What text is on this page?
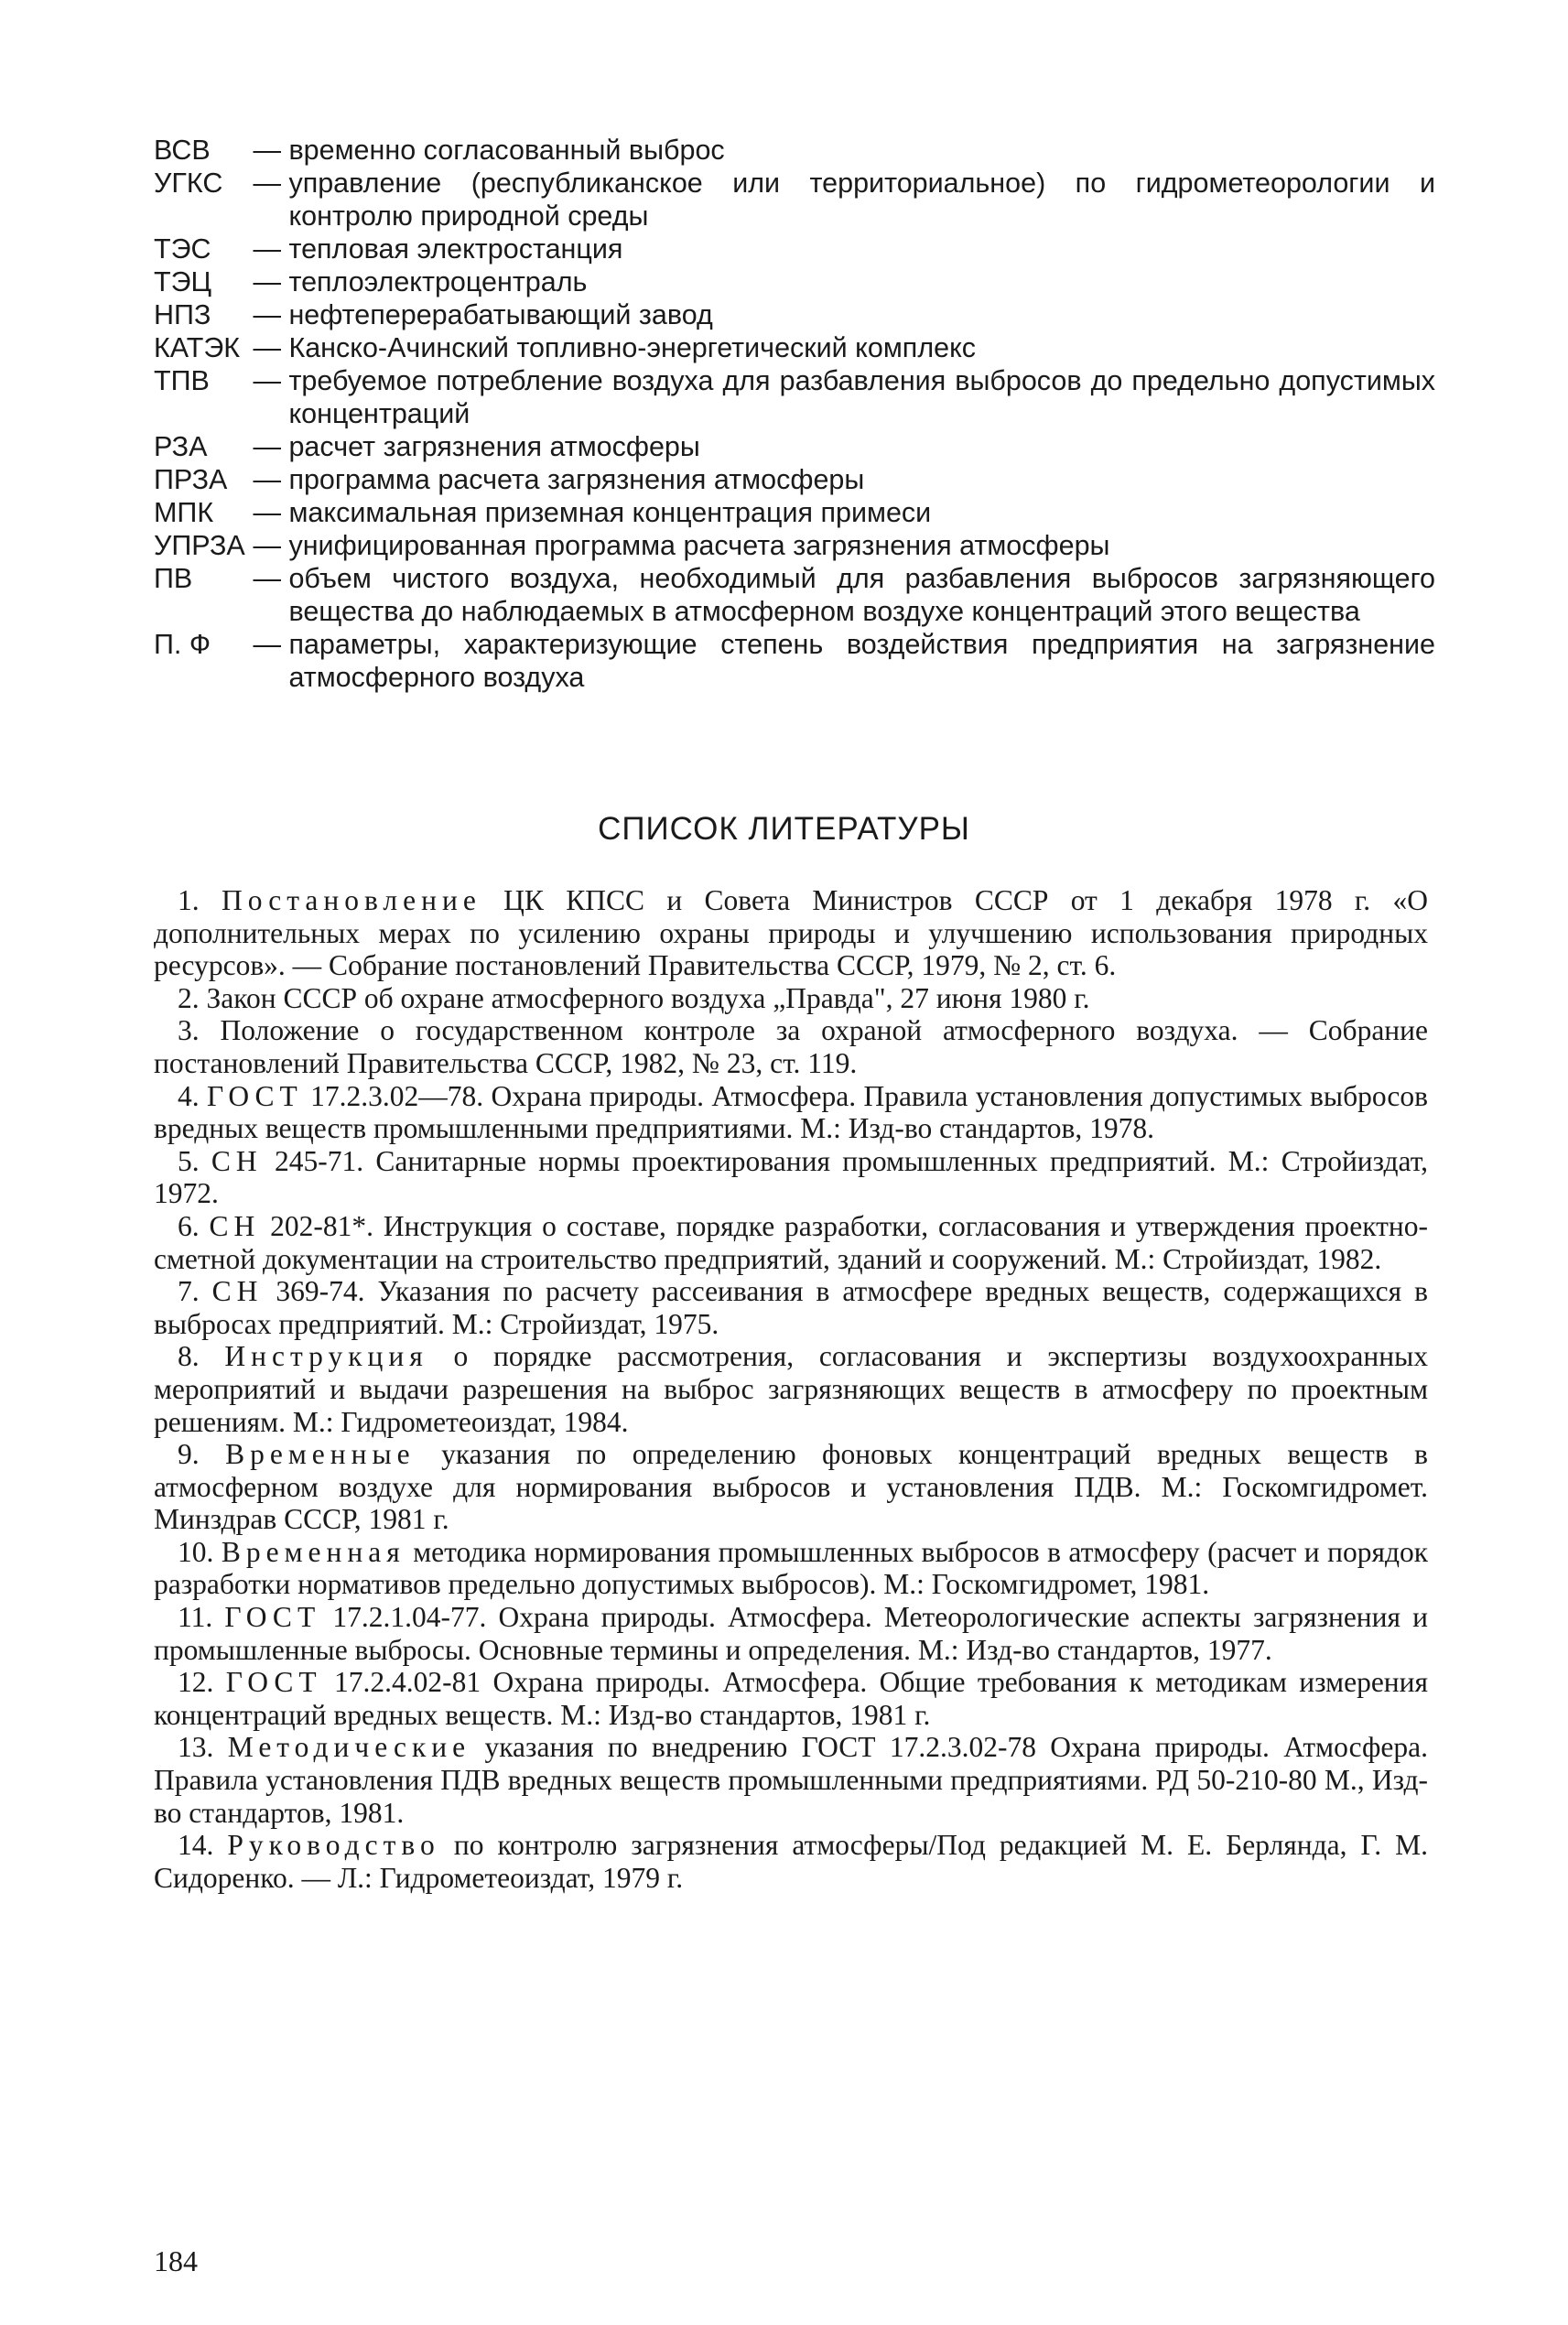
ВСВ	— временно согласованный выброс
УГКС — управление (республиканское или территориальное) по гидрометеорологии и контролю природной среды
ТЭС	— тепловая электростанция
ТЭЦ	— теплоэлектроцентраль
НПЗ	— нефтеперерабатывающий завод
КАТЭК — Канско-Ачинский топливно-энергетический комплекс
ТПВ	— требуемое потребление воздуха для разбавления выбросов до предельно допустимых концентраций
РЗА	— расчет загрязнения атмосферы
ПРЗА — программа расчета загрязнения атмосферы
МПК	— максимальная приземная концентрация примеси
УПРЗА — унифицированная программа расчета загрязнения атмосферы
ПВ	— объем чистого воздуха, необходимый для разбавления выбросов загрязняющего вещества до наблюдаемых в атмосферном воздухе концентраций этого вещества
П. Ф	— параметры, характеризующие степень воздействия предприятия на загрязнение атмосферного воздуха
СПИСОК ЛИТЕРАТУРЫ
1. Постановление ЦК КПСС и Совета Министров СССР от 1 декабря 1978 г. «О дополнительных мерах по усилению охраны природы и улучшению использования природных ресурсов». — Собрание постановлений Правительства СССР, 1979, № 2, ст. 6.
2. Закон СССР об охране атмосферного воздуха „Правда", 27 июня 1980 г.
3. Положение о государственном контроле за охраной атмосферного воздуха. — Собрание постановлений Правительства СССР, 1982, № 23, ст. 119.
4. ГОСТ 17.2.3.02—78. Охрана природы. Атмосфера. Правила установления допустимых выбросов вредных веществ промышленными предприятиями. М.: Изд-во стандартов, 1978.
5. СН 245-71. Санитарные нормы проектирования промышленных предприятий. М.: Стройиздат, 1972.
6. СН 202-81*. Инструкция о составе, порядке разработки, согласования и утверждения проектно-сметной документации на строительство предприятий, зданий и сооружений. М.: Стройиздат, 1982.
7. СН 369-74. Указания по расчету рассеивания в атмосфере вредных веществ, содержащихся в выбросах предприятий. М.: Стройиздат, 1975.
8. Инструкция о порядке рассмотрения, согласования и экспертизы воздухоохранных мероприятий и выдачи разрешения на выброс загрязняющих веществ в атмосферу по проектным решениям. М.: Гидрометеоиздат, 1984.
9. Временные указания по определению фоновых концентраций вредных веществ в атмосферном воздухе для нормирования выбросов и установления ПДВ. М.: Госкомгидромет. Минздрав СССР, 1981 г.
10. Временная методика нормирования промышленных выбросов в атмосферу (расчет и порядок разработки нормативов предельно допустимых выбросов). М.: Госкомгидромет, 1981.
11. ГОСТ 17.2.1.04-77. Охрана природы. Атмосфера. Метеорологические аспекты загрязнения и промышленные выбросы. Основные термины и определения. М.: Изд-во стандартов, 1977.
12. ГОСТ 17.2.4.02-81 Охрана природы. Атмосфера. Общие требования к методикам измерения концентраций вредных веществ. М.: Изд-во стандартов, 1981 г.
13. Методические указания по внедрению ГОСТ 17.2.3.02-78 Охрана природы. Атмосфера. Правила установления ПДВ вредных веществ промышленными предприятиями. РД 50-210-80 М., Изд-во стандартов, 1981.
14. Руководство по контролю загрязнения атмосферы/Под редакцией М. Е. Берлянда, Г. М. Сидоренко. — Л.: Гидрометеоиздат, 1979 г.
184
